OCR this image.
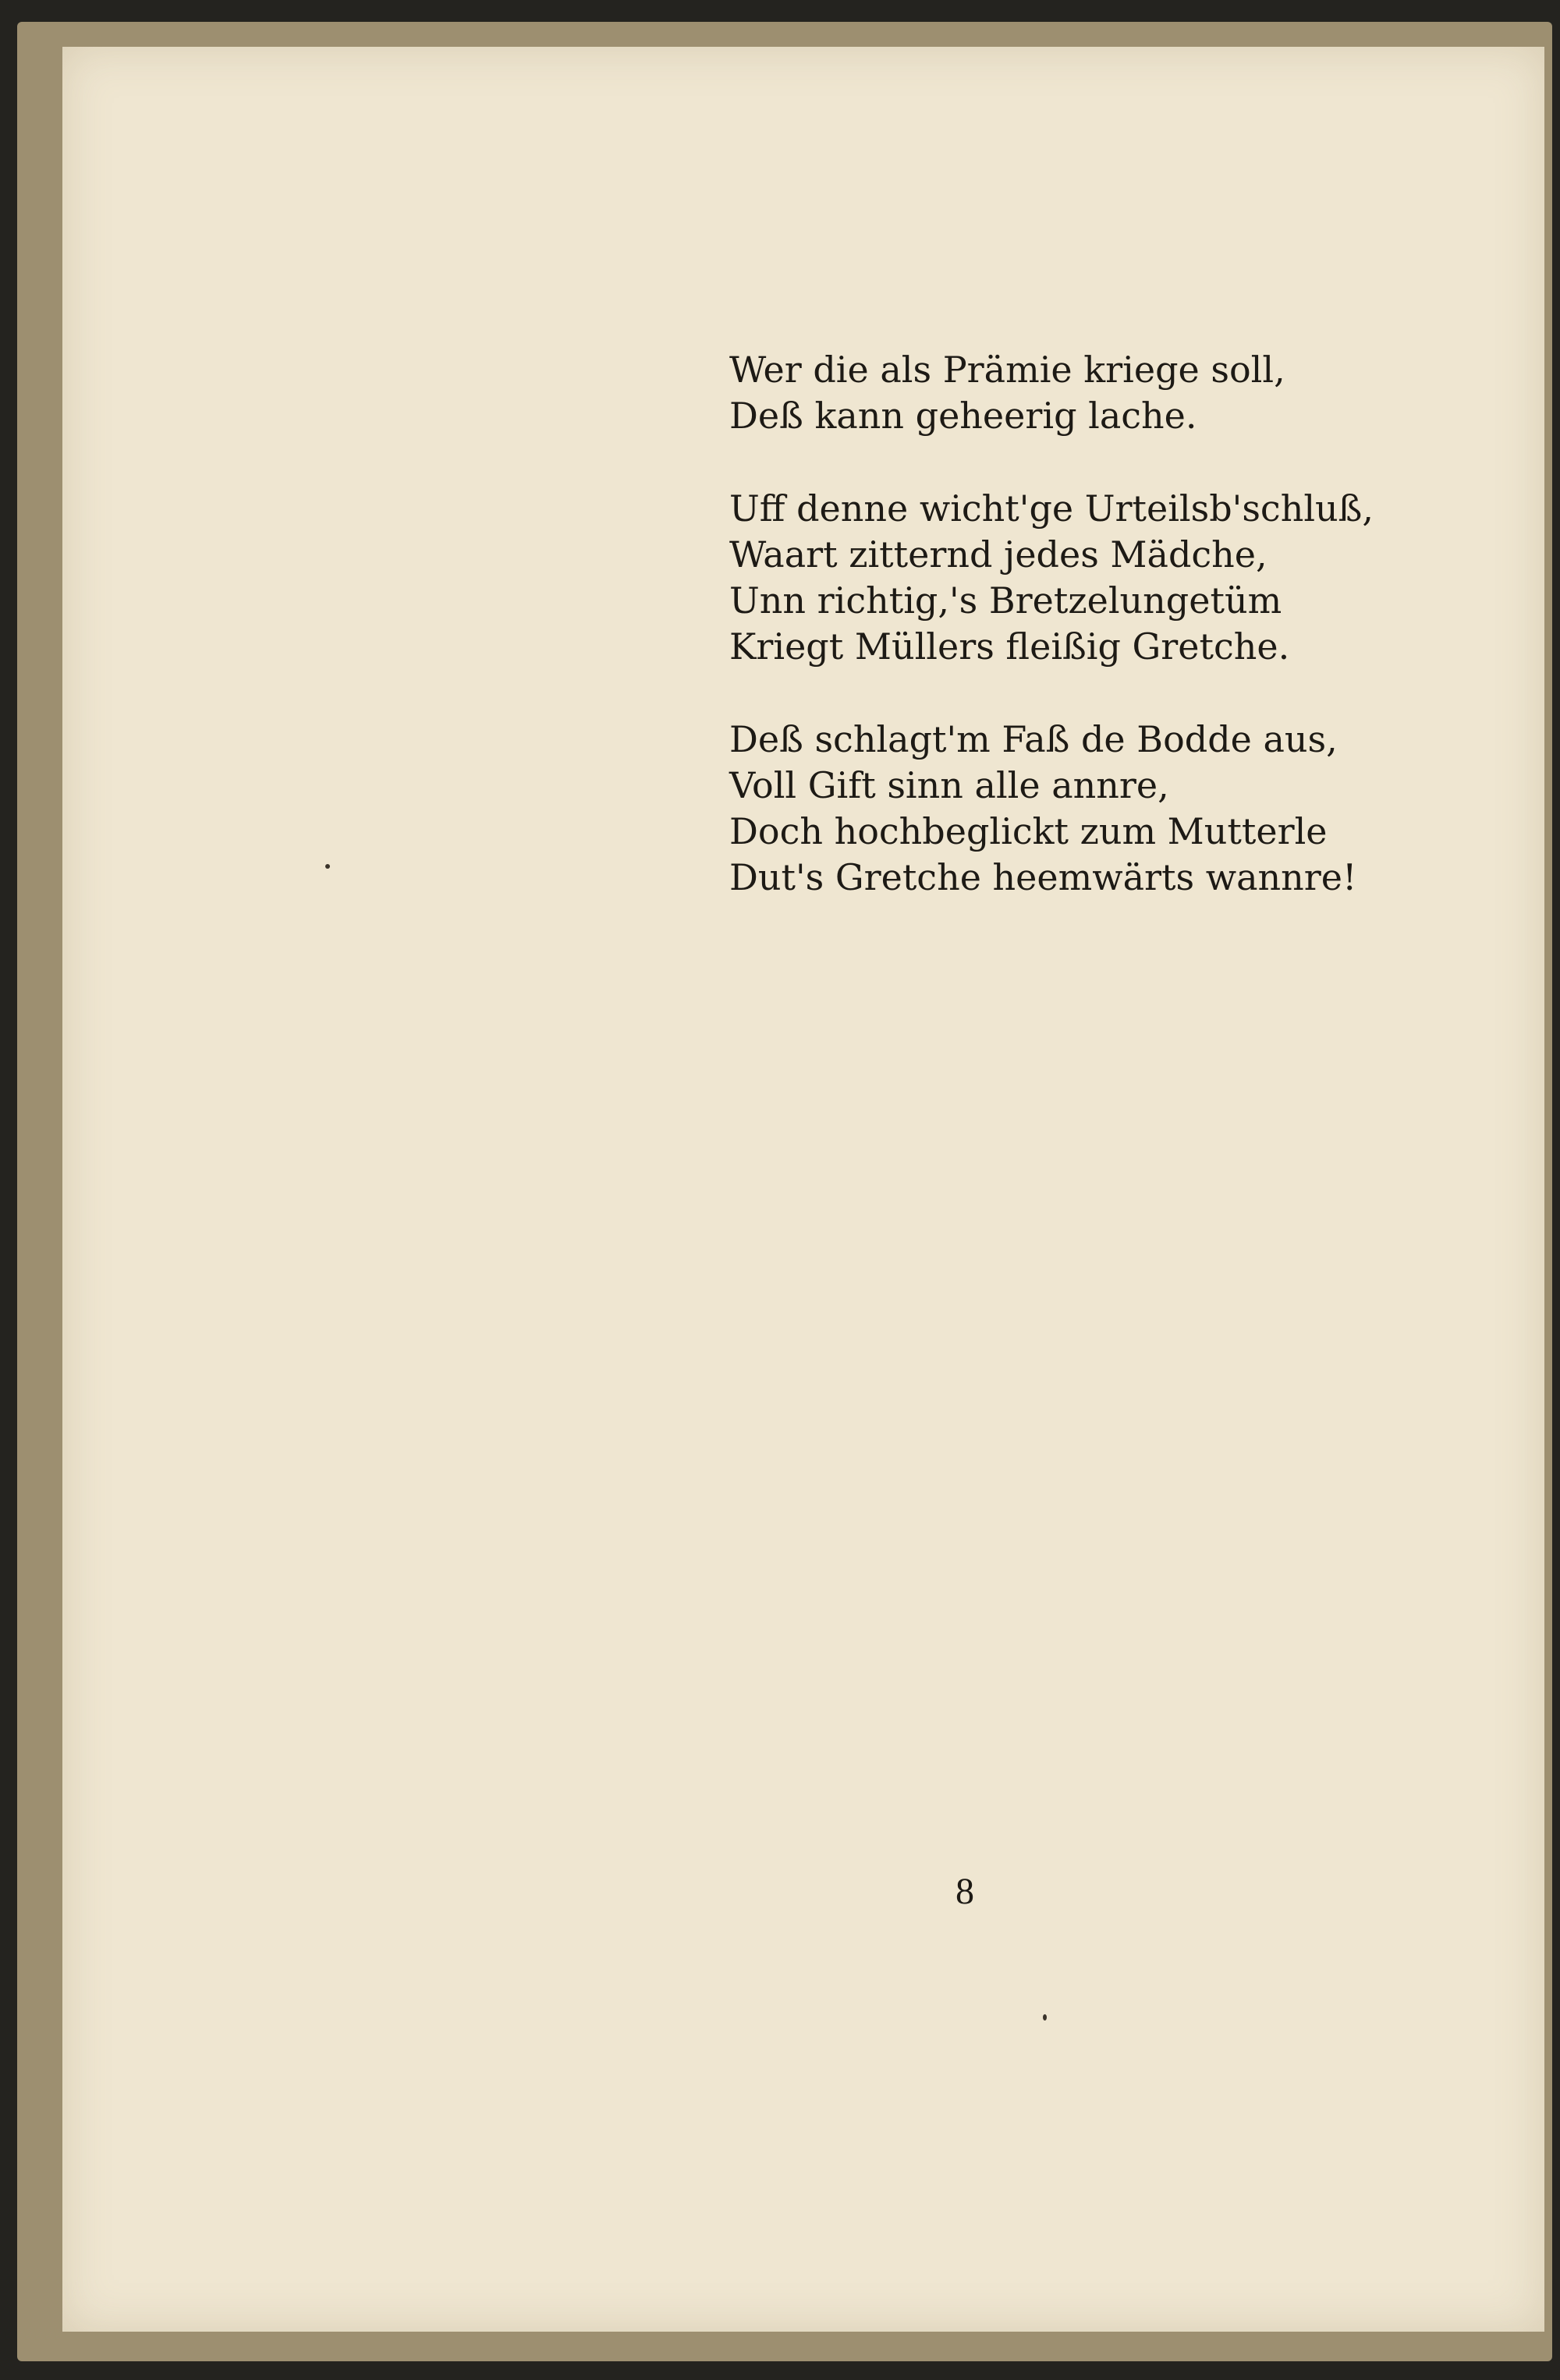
Wer die als Prämie kriege soll,
Deß kann geheerig lache.
Uff denne wicht'ge Urteilsb'schluß,
Waart zitternd jedes Mädche,
Unn richtig,'s Bretzelungetüm
Kriegt Müllers fleißig Gretche.
Deß schlagt'm Faß de Bodde aus,
Voll Gift sinn alle annre,
Doch hochbeglickt zum Mutterle
Dut's Gretche heemwärts wannre!
8
